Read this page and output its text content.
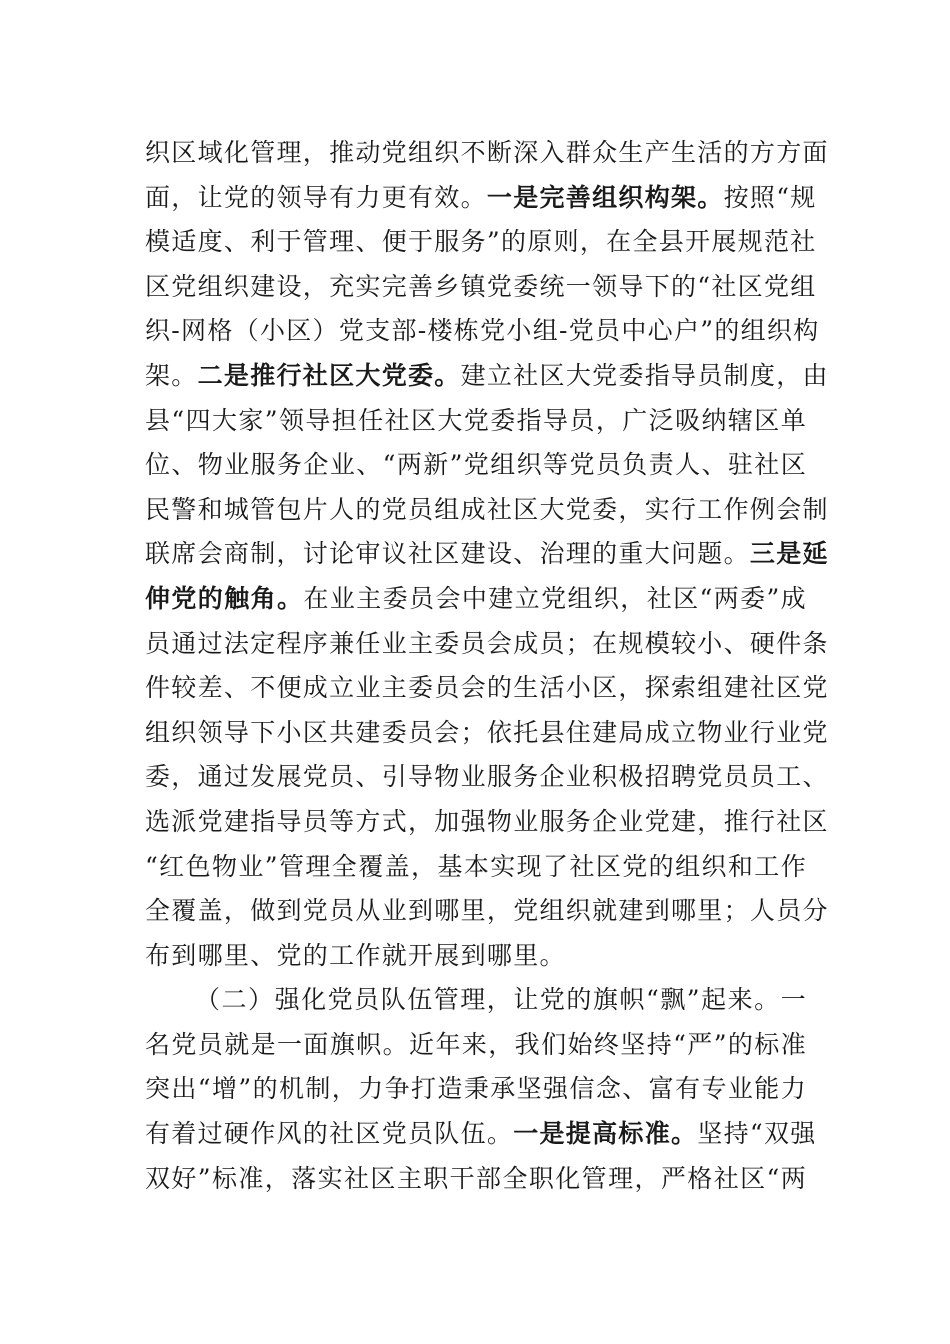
织区域化管理，推动党组织不断深入群众生产生活的方方面
面，让党的领导有力更有效。一是完善组织构架。按照“规
模适度、利于管理、便于服务”的原则，在全县开展规范社
区党组织建设，充实完善乡镇党委统一领导下的“社区党组
织-网格（小区）党支部-楼栋党小组-党员中心户”的组织构
架。二是推行社区大党委。建立社区大党委指导员制度，由
县“四大家”领导担任社区大党委指导员，广泛吸纳辖区单
位、物业服务企业、“两新”党组织等党员负责人、驻社区
民警和城管包片人的党员组成社区大党委，实行工作例会制
联席会商制，讨论审议社区建设、治理的重大问题。三是延
伸党的触角。在业主委员会中建立党组织，社区“两委”成
员通过法定程序兼任业主委员会成员；在规模较小、硬件条
件较差、不便成立业主委员会的生活小区，探索组建社区党
组织领导下小区共建委员会；依托县住建局成立物业行业党
委，通过发展党员、引导物业服务企业积极招聘党员员工、
选派党建指导员等方式，加强物业服务企业党建，推行社区
“红色物业”管理全覆盖，基本实现了社区党的组织和工作
全覆盖，做到党员从业到哪里，党组织就建到哪里；人员分
布到哪里、党的工作就开展到哪里。
（二）强化党员队伍管理，让党的旗帜“飘”起来。一
名党员就是一面旗帜。近年来，我们始终坚持“严”的标准
突出“增”的机制，力争打造秉承坚强信念、富有专业能力
有着过硬作风的社区党员队伍。一是提高标准。坚持“双强
双好”标准，落实社区主职干部全职化管理，严格社区“两
